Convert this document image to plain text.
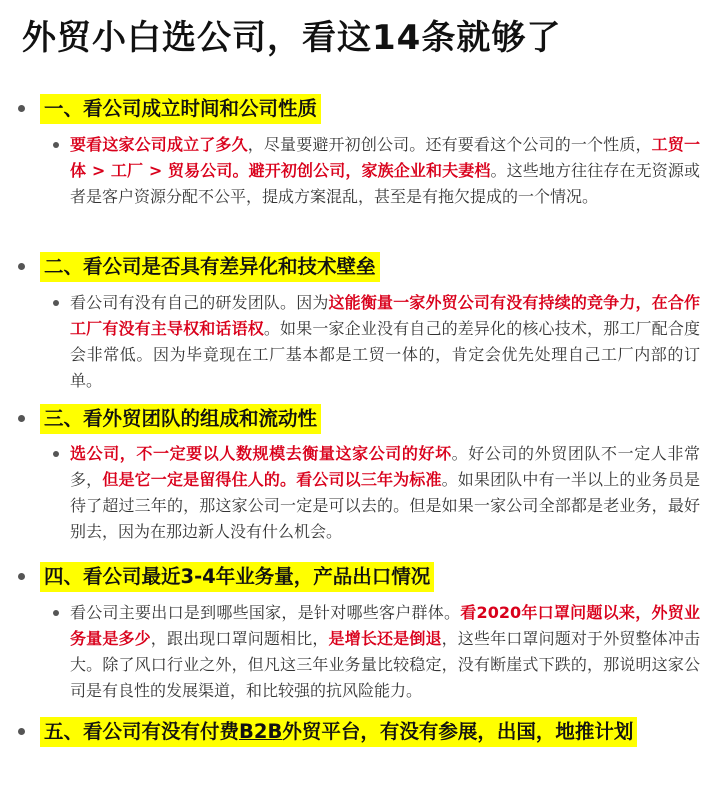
外贸小白选公司，看这14条就够了
一、看公司成立时间和公司性质

要看这家公司成立了多久，尽量要避开初创公司。还有要看这个公司的一个性质，工贸一体 > 工厂 > 贸易公司。避开初创公司，家族企业和夫妻档。这些地方往往存在无资源或者是客户资源分配不公平，提成方案混乱，甚至是有拖欠提成的一个情况。

二、看公司是否具有差异化和技术壁垒

看公司有没有自己的研发团队。因为这能衡量一家外贸公司有没有持续的竞争力，在合作工厂有没有主导权和话语权。如果一家企业没有自己的差异化的核心技术，那工厂配合度会非常低。因为毕竟现在工厂基本都是工贸一体的，肯定会优先处理自己工厂内部的订单。

三、看外贸团队的组成和流动性

选公司，不一定要以人数规模去衡量这家公司的好坏。好公司的外贸团队不一定人非常多，但是它一定是留得住人的。看公司以三年为标准。如果团队中有一半以上的业务员是待了超过三年的，那这家公司一定是可以去的。但是如果一家公司全部都是老业务，最好别去，因为在那边新人没有什么机会。

四、看公司最近3-4年业务量，产品出口情况

看公司主要出口是到哪些国家，是针对哪些客户群体。看2020年口罩问题以来，外贸业务量是多少，跟出现口罩问题相比，是增长还是倒退，这些年口罩问题对于外贸整体冲击大。除了风口行业之外，但凡这三年业务量比较稳定，没有断崖式下跌的，那说明这家公司是有良性的发展渠道，和比较强的抗风险能力。

五、看公司有没有付费B2B外贸平台，有没有参展，出国，地推计划
